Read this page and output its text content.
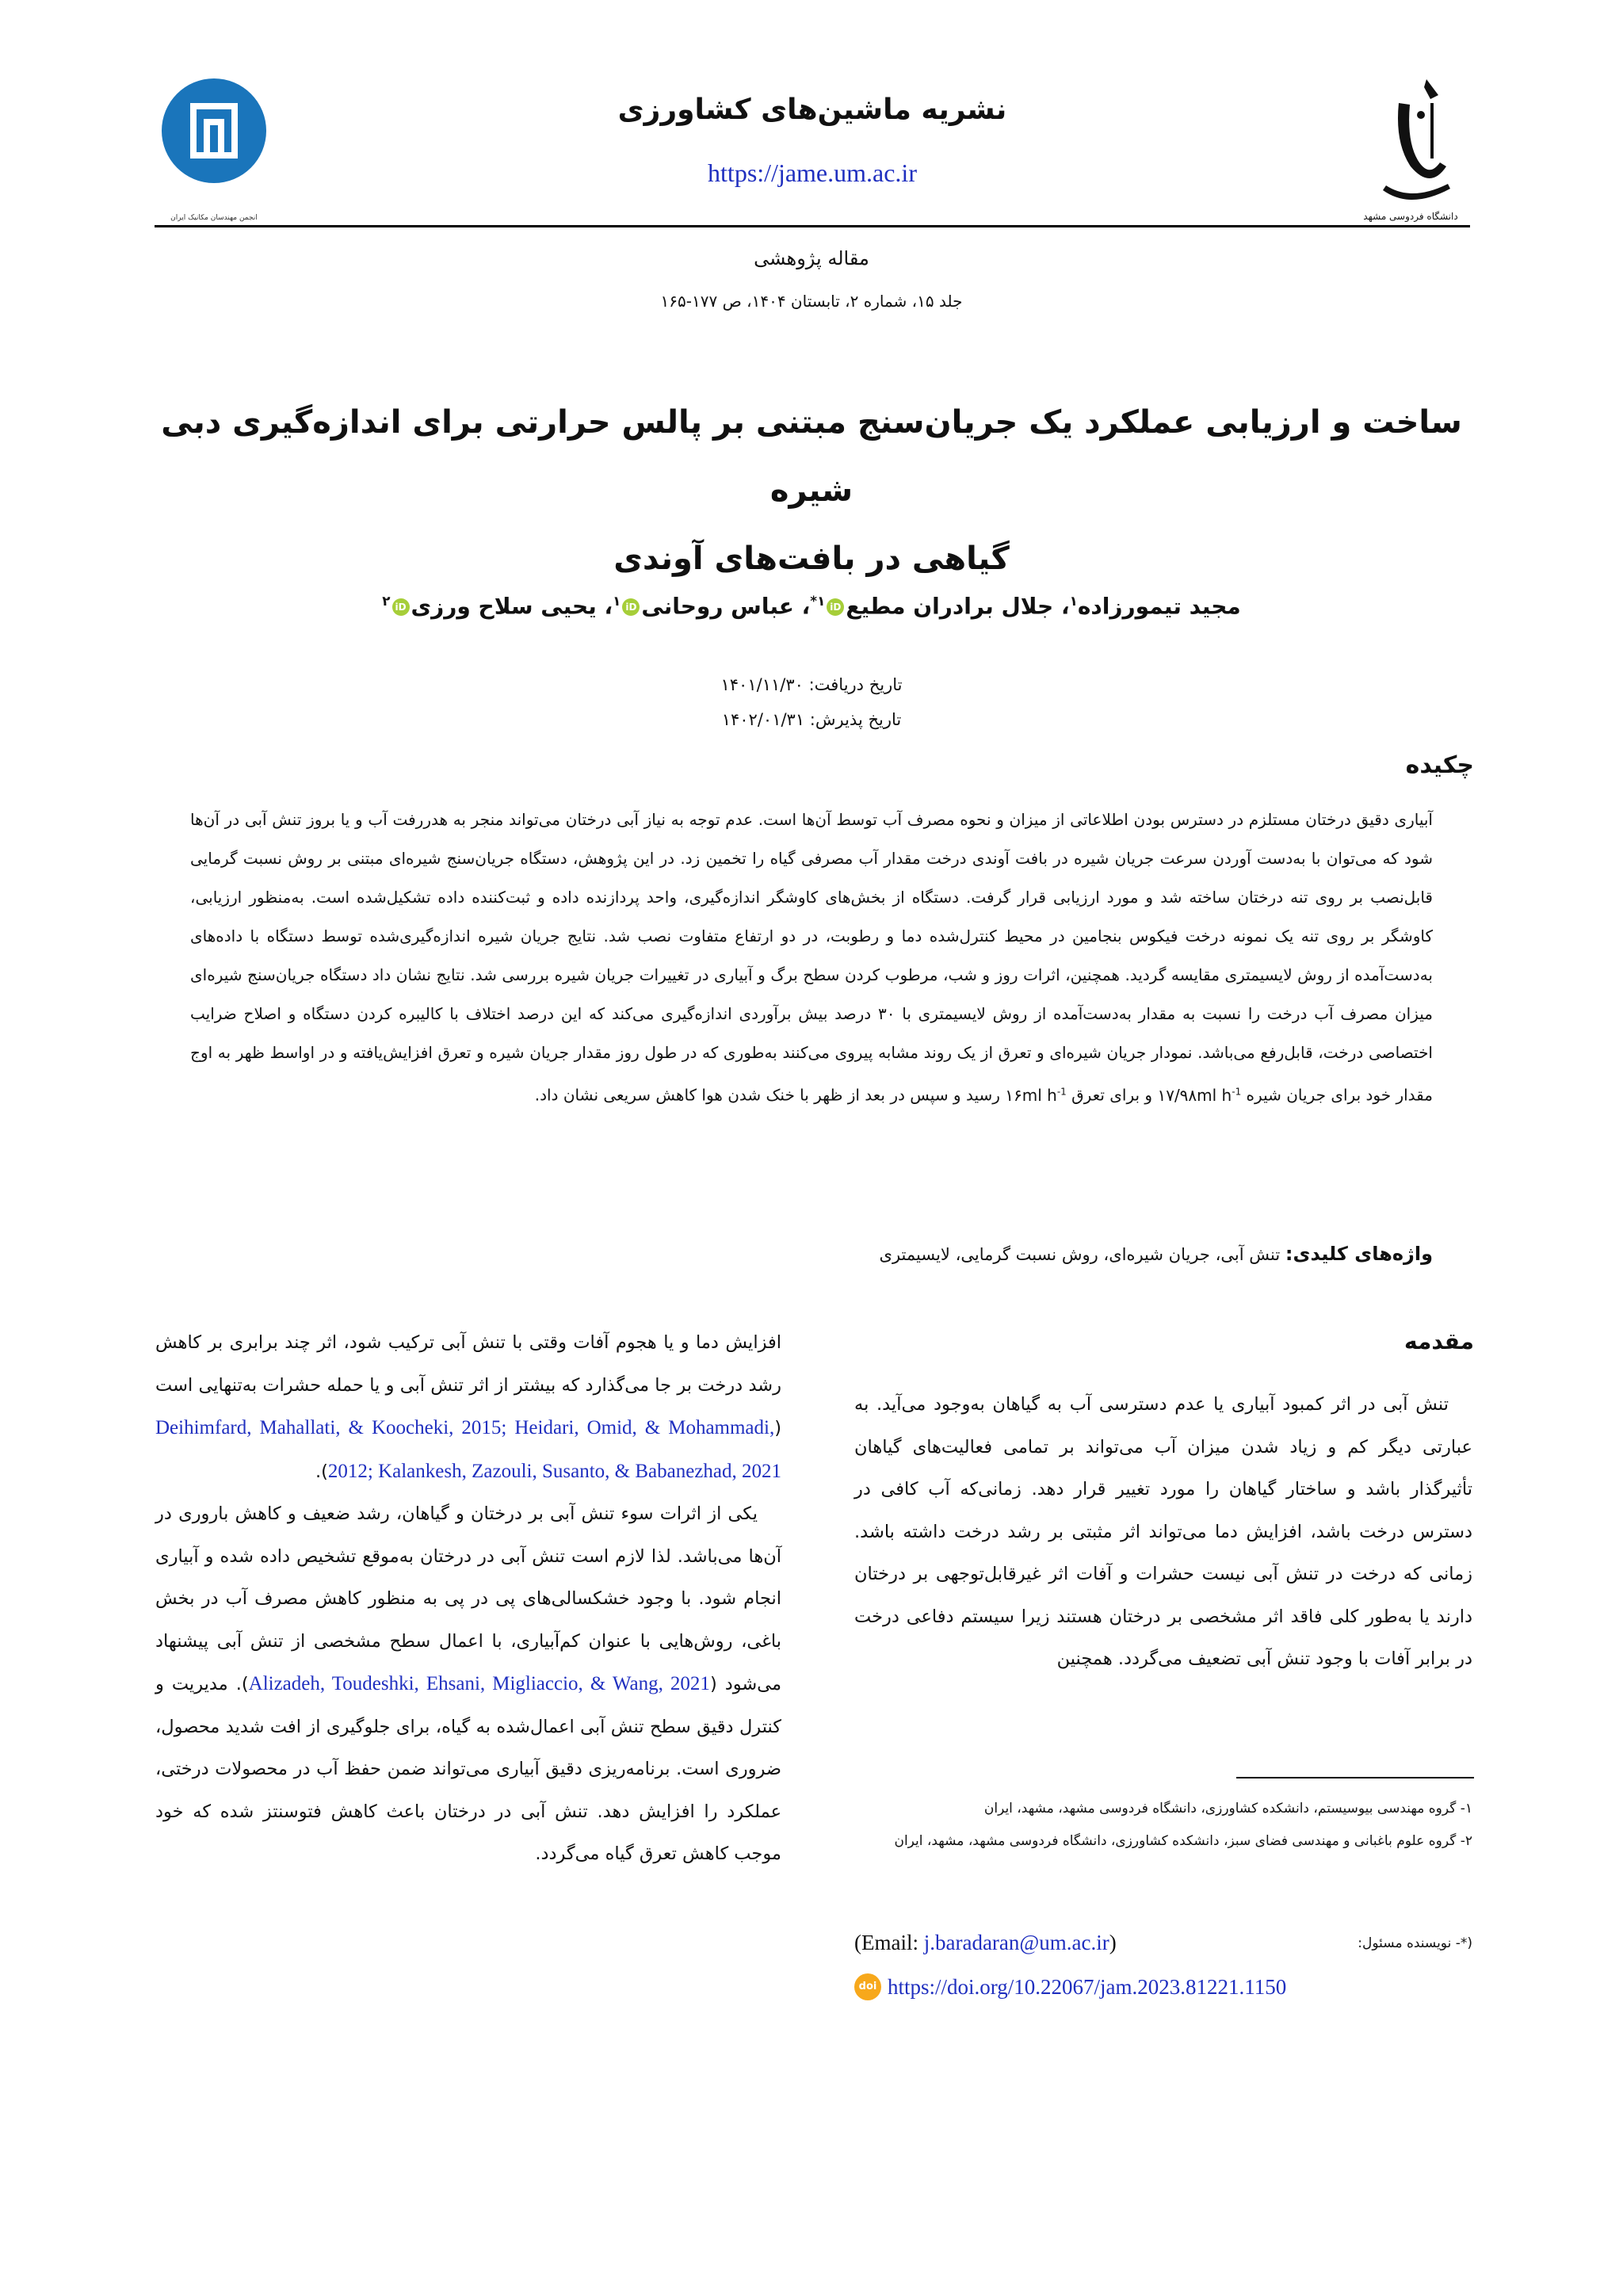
انجمن مهندسان مکانیک ایران
نشریه ماشین‌های کشاورزی
https://jame.um.ac.ir
دانشگاه فردوسی مشهد
مقاله پژوهشی
جلد ۱۵، شماره ۲، تابستان ۱۴۰۴، ص ۱۷۷-۱۶۵
ساخت و ارزیابی عملکرد یک جریان‌سنج مبتنی بر پالس حرارتی برای اندازه‌گیری دبی شیره
گیاهی در بافت‌های آوندی
مجید تیمورزاده$^۱$، جلال برادران مطیعiD$^{۱*}$، عباس روحانیiD$^۱$، یحیی سلاح ورزیiD$^۲$
تاریخ دریافت: ۱۴۰۱/۱۱/۳۰
تاریخ پذیرش: ۱۴۰۲/۰۱/۳۱
چکیده
آبیاری دقیق درختان مستلزم در دسترس بودن اطلاعاتی از میزان و نحوه مصرف آب توسط آن‌ها است. عدم توجه به نیاز آبی درختان می‌تواند منجر به هدررفت آب و یا بروز تنش آبی در آن‌ها شود که می‌توان با به‌دست آوردن سرعت جریان شیره در بافت آوندی درخت مقدار آب مصرفی گیاه را تخمین زد. در این پژوهش، دستگاه جریان‌سنج شیره‌ای مبتنی بر روش نسبت گرمایی قابل‌نصب بر روی تنه درختان ساخته شد و مورد ارزیابی قرار گرفت. دستگاه از بخش‌های کاوشگر اندازه‌گیری، واحد پردازنده داده و ثبت‌کننده داده تشکیل‌شده است. به‌منظور ارزیابی، کاوشگر بر روی تنه یک نمونه درخت فیکوس بنجامین در محیط کنترل‌شده دما و رطوبت، در دو ارتفاع متفاوت نصب شد. نتایج جریان شیره اندازه‌گیری‌شده توسط دستگاه با داده‌های به‌دست‌آمده از روش لایسیمتری مقایسه گردید. همچنین، اثرات روز و شب، مرطوب کردن سطح برگ و آبیاری در تغییرات جریان شیره بررسی شد. نتایج نشان داد دستگاه جریان‌سنج شیره‌ای میزان مصرف آب درخت را نسبت به مقدار به‌دست‌آمده از روش لایسیمتری با ۳۰ درصد بیش برآوردی اندازه‌گیری می‌کند که این درصد اختلاف با کالیبره کردن دستگاه و اصلاح ضرایب اختصاصی درخت، قابل‌رفع می‌باشد. نمودار جریان شیره‌ای و تعرق از یک روند مشابه پیروی می‌کنند به‌طوری که در طول روز مقدار جریان شیره و تعرق افزایش‌یافته و در اواسط ظهر به اوج مقدار خود برای جریان شیره ۱۷/۹۸ml $h^{-1}$ و برای تعرق ۱۶ml $h^{-1}$ رسید و سپس در بعد از ظهر با خنک شدن هوا کاهش سریعی نشان داد.
واژه‌های کلیدی: تنش آبی، جریان شیره‌ای، روش نسبت گرمایی، لایسیمتری
مقدمه

تنش آبی در اثر کمبود آبیاری یا عدم دسترسی آب به گیاهان به‌وجود می‌آید. به عبارتی دیگر کم و زیاد شدن میزان آب می‌تواند بر تمامی فعالیت‌های گیاهان تأثیرگذار باشد و ساختار گیاهان را مورد تغییر قرار دهد. زمانی‌که آب کافی در دسترس درخت باشد، افزایش دما می‌تواند اثر مثبتی بر رشد درخت داشته باشد. زمانی که درخت در تنش آبی نیست حشرات و آفات اثر غیرقابل‌توجهی بر درختان دارند یا به‌طور کلی فاقد اثر مشخصی بر درختان هستند زیرا سیستم دفاعی درخت در برابر آفات با وجود تنش آبی تضعیف می‌گردد. همچنین

افزایش دما و یا هجوم آفات وقتی با تنش آبی ترکیب شود، اثر چند برابری بر کاهش رشد درخت بر جا می‌گذارد که بیشتر از اثر تنش آبی و یا حمله حشرات به‌تنهایی است (Deihimfard, Mahallati, & Koocheki, 2015; Heidari, Omid, & Mohammadi, 2012; Kalankesh, Zazouli, Susanto, & Babanezhad, 2021).

یکی از اثرات سوء تنش آبی بر درختان و گیاهان، رشد ضعیف و کاهش باروری در آن‌ها می‌باشد. لذا لازم است تنش آبی در درختان به‌موقع تشخیص داده شده و آبیاری انجام شود. با وجود خشکسالی‌های پی در پی به منظور کاهش مصرف آب در بخش باغی، روش‌هایی با عنوان کم‌آبیاری، با اعمال سطح مشخصی از تنش آبی پیشنهاد می‌شود (Alizadeh, Toudeshki, Ehsani, Migliaccio, & Wang, 2021). مدیریت و کنترل دقیق سطح تنش آبی اعمال‌شده به گیاه، برای جلوگیری از افت شدید محصول، ضروری است. برنامه‌ریزی دقیق آبیاری می‌تواند ضمن حفظ آب در محصولات درختی، عملکرد را افزایش دهد. تنش آبی در درختان باعث کاهش فتوسنتز شده که خود موجب کاهش تعرق گیاه می‌گردد.

۱- گروه مهندسی بیوسیستم، دانشکده کشاورزی، دانشگاه فردوسی مشهد، مشهد، ایران
۲- گروه علوم باغبانی و مهندسی فضای سبز، دانشکده کشاورزی، دانشگاه فردوسی مشهد، مشهد، ایران
(*- نویسنده مسئول:
(Email: j.baradaran@um.ac.ir)
doi https://doi.org/10.22067/jam.2023.81221.1150
